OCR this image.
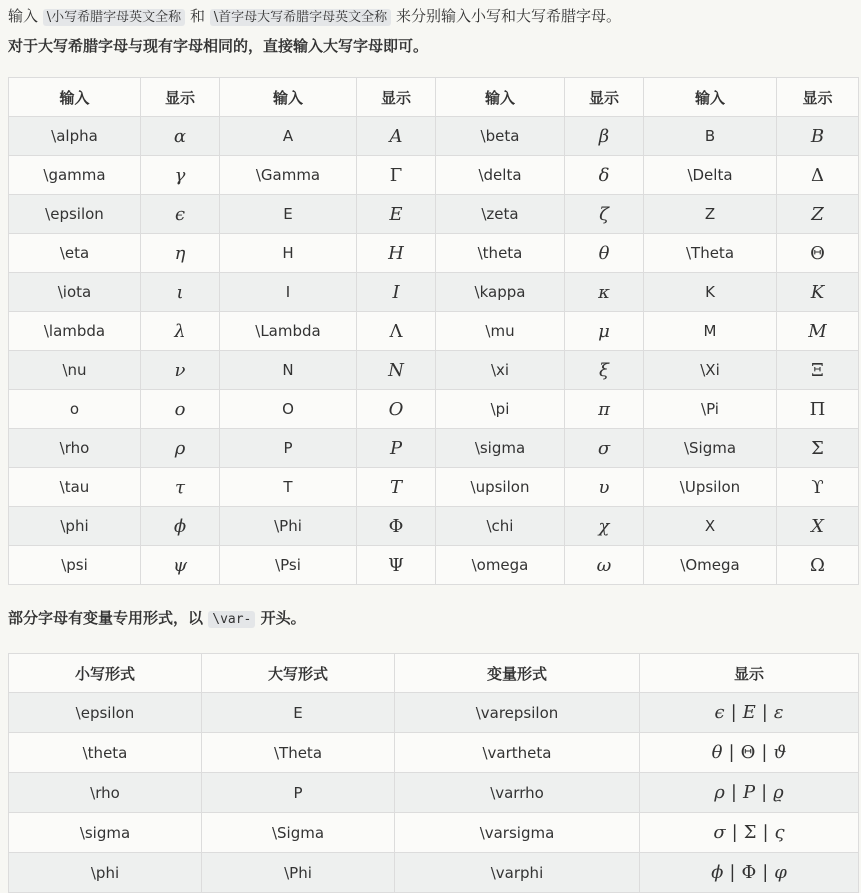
输入 \小写希腊字母英文全称 和 \首字母大写希腊字母英文全称 来分别输入小写和大写希腊字母。

对于大写希腊字母与现有字母相同的，直接输入大写字母即可。

输入	显示	输入	显示	输入	显示	输入	显示
\alpha	α	A	A	\beta	β	B	B
\gamma	γ	\Gamma	Γ	\delta	δ	\Delta	Δ
\epsilon	ϵ	E	E	\zeta	ζ	Z	Z
\eta	η	H	H	\theta	θ	\Theta	Θ
\iota	ι	I	I	\kappa	κ	K	K
\lambda	λ	\Lambda	Λ	\mu	μ	M	M
\nu	ν	N	N	\xi	ξ	\Xi	Ξ
o	o	O	O	\pi	π	\Pi	Π
\rho	ρ	P	P	\sigma	σ	\Sigma	Σ
\tau	τ	T	T	\upsilon	υ	\Upsilon	ϒ
\phi	ϕ	\Phi	Φ	\chi	χ	X	X
\psi	ψ	\Psi	Ψ	\omega	ω	\Omega	Ω
部分字母有变量专用形式，以 \var- 开头。
小写形式	大写形式	变量形式	显示
\epsilon	E	\varepsilon	ϵ | E | ε
\theta	\Theta	\vartheta	θ | Θ | ϑ
\rho	P	\varrho	ρ | P | ϱ
\sigma	\Sigma	\varsigma	σ | Σ | ς
\phi	\Phi	\varphi	ϕ | Φ | φ
